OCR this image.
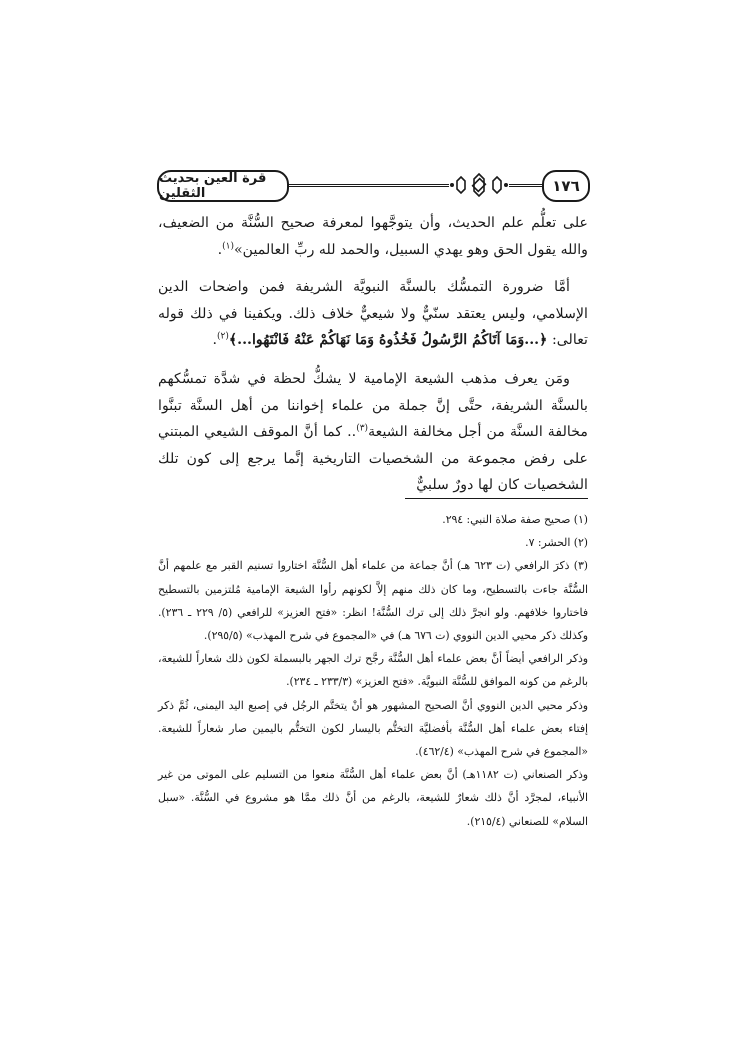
قرة العين بحديث الثقلين	١٧٦

على تعلُّم علم الحديث، وأن يتوجَّهوا لمعرفة صحيح السُّنَّة من الضعيف، والله يقول الحق وهو يهدي السبيل، والحمد لله ربِّ العالمين»$^{(١)}$.

أمَّا ضرورة التمسُّك بالسنَّة النبويَّة الشريفة فمن واضحات الدين الإسلامي، وليس يعتقد سنّيٌّ ولا شيعيٌّ خلاف ذلك. ويكفينا في ذلك قوله تعالى: ﴿...وَمَا آتَاكُمُ الرَّسُولُ فَخُذُوهُ وَمَا نَهَاكُمْ عَنْهُ فَانْتَهُوا...﴾$^{(٢)}$.

ومَن يعرف مذهب الشيعة الإمامية لا يشكُّ لحظة في شدَّة تمسُّكهم بالسنَّة الشريفة، حتَّى إنَّ جملة من علماء إخواننا من أهل السنَّة تبنَّوا مخالفة السنَّة من أجل مخالفة الشيعة$^{(٣)}$.. كما أنَّ الموقف الشيعي المبتني على رفض مجموعة من الشخصيات التاريخية إنَّما يرجع إلى كون تلك الشخصيات كان لها دورٌ سلبيٌّ

(١) صحيح صفة صلاة النبي: ٢٩٤.

(٢) الحشر: ٧.

(٣) ذكرَ الرافعي (ت ٦٢٣ هـ) أنَّ جماعة من علماء أهل السُّنَّة اختاروا تسنيم القبر مع علمهم أنَّ السُّنَّة جاءت بالتسطيح، وما كان ذلك منهم إلاَّ لكونهم رأوا الشيعة الإمامية مُلتزمين بالتسطيح فاختاروا خلافهم. ولو انجرَّ ذلك إلى ترك السُّنَّة! انظر: «فتح العزيز» للرافعي (٥/ ٢٢٩ ـ ٢٣٦). وكذلك ذكر محيي الدين النووي (ت ٦٧٦ هـ) في «المجموع في شرح المهذب» (٢٩٥/٥).

وذكر الرافعي أيضاً أنَّ بعض علماء أهل السُّنَّة رجَّح ترك الجهر بالبسملة لكون ذلك شعاراً للشيعة، بالرغم من كونه الموافق للسُّنَّة النبويَّة. «فتح العزيز» (٢٣٣/٣ ـ ٢٣٤).

وذكر محيي الدين النووي أنَّ الصحيح المشهور هو أنْ يتختَّم الرجُل في إصبع اليد اليمنى، ثُمَّ ذكر إفتاء بعض علماء أهل السُّنَّة بأفضليَّة التختُّم باليسار لكون التختُّم باليمين صار شعاراً للشيعة. «المجموع في شرح المهذب» (٤٦٢/٤).

وذكر الصنعاني (ت ١١٨٢هـ) أنَّ بعض علماء أهل السُّنَّة منعوا من التسليم على الموتى من غير الأنبياء، لمجرَّد أنَّ ذلك شعارٌ للشيعة، بالرغم من أنَّ ذلك ممَّا هو مشروع في السُّنَّة. «سبل السلام» للصنعاني (٢١٥/٤).
